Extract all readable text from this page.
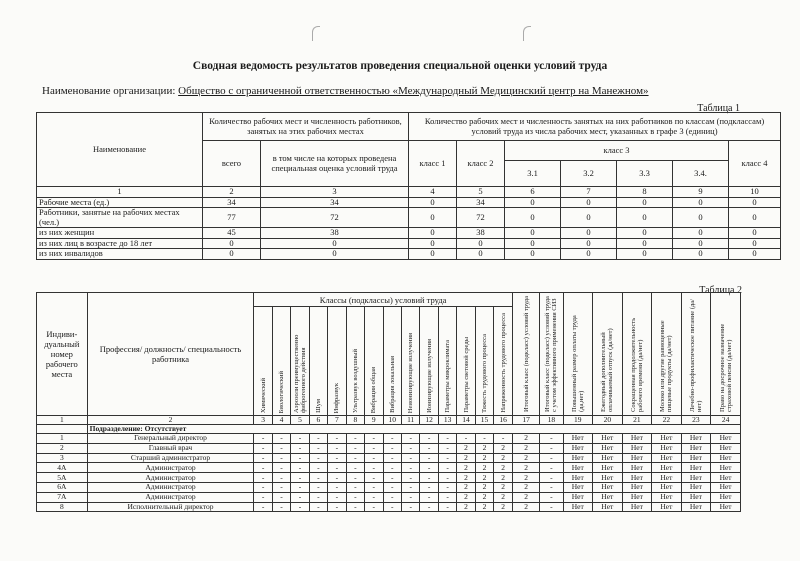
Сводная ведомость результатов проведения специальной оценки условий труда
Наименование организации: Общество с ограниченной ответственностью «Международный Медицинский центр на Манежном»
Таблица 1
Наименование	Количество рабочих мест и численность работников, занятых на этих рабочих местах		Количество рабочих мест и численность занятых на них работников по классам (подклассам) условий труда из числа рабочих мест, указанных в графе 3 (единиц)						
	всего	в том числе на которых проведена специальная оценка условий труда	класс 1	класс 2	класс 3				класс 4
					3.1	3.2	3.3	3.4.	
1	2	3	4	5	6	7	8	9	10
Рабочие места (ед.)	34	34	0	34	0	0	0	0	0
Работники, занятые на рабочих местах (чел.)	77	72	0	72	0	0	0	0	0
из них женщин	45	38	0	38	0	0	0	0	0
из них лиц в возрасте до 18 лет	0	0	0	0	0	0	0	0	0
из них инвалидов	0	0	0	0	0	0	0	0	0
Таблица 2
Индиви-дуальный номер рабочего места	Профессия/ должность/ специальность работника	Классы (подклассы) условий труда														Итоговый класс (подкласс) условий труда	Итоговый класс (подкласс) условий труда с учетом эффективного применения СИЗ	Повышенный размер оплаты труда (да,нет)	Ежегодный дополнительный оплачиваемый отпуск (да/нет)	Сокращенная продолжительность рабочего времени (да/нет)	Молоко или другие равноценные пищевые продукты (да/нет)	Лечебно-профилактическое питание (да/нет)	Право на досрочное назначение страховой пенсии (да/нет)

		Химический	Биологический	Аэрозоли преимущественно фиброгенного действия	Шум	Инфразвук	Ультразвук воздушный	Вибрация общая	Вибрация локальная	Неионизирующие излучения	Ионизирующие излучения	Параметры микроклимата	Параметры световой среды	Тяжесть трудового процесса	Напряженность трудового процесса								

1	2	3	4	5	6	7	8	9	10	11	12	13	14	15	16	17	18	19	20	21	22	23	24
	Подразделение: Отсутствует																						
1	Генеральный директор	-	-	-	-	-	-	-	-	-	-	-	-	-	-	2	-	Нет	Нет	Нет	Нет	Нет	Нет
2	Главный врач	-	-	-	-	-	-	-	-	-	-	-	2	2	2	2	-	Нет	Нет	Нет	Нет	Нет	Нет
3	Старший администратор	-	-	-	-	-	-	-	-	-	-	-	2	2	2	2	-	Нет	Нет	Нет	Нет	Нет	Нет
4А	Администратор	-	-	-	-	-	-	-	-	-	-	-	2	2	2	2	-	Нет	Нет	Нет	Нет	Нет	Нет
5А	Администратор	-	-	-	-	-	-	-	-	-	-	-	2	2	2	2	-	Нет	Нет	Нет	Нет	Нет	Нет
6А	Администратор	-	-	-	-	-	-	-	-	-	-	-	2	2	2	2	-	Нет	Нет	Нет	Нет	Нет	Нет
7А	Администратор	-	-	-	-	-	-	-	-	-	-	-	2	2	2	2	-	Нет	Нет	Нет	Нет	Нет	Нет
8	Исполнительный директор	-	-	-	-	-	-	-	-	-	-	-	2	2	2	2	-	Нет	Нет	Нет	Нет	Нет	Нет
